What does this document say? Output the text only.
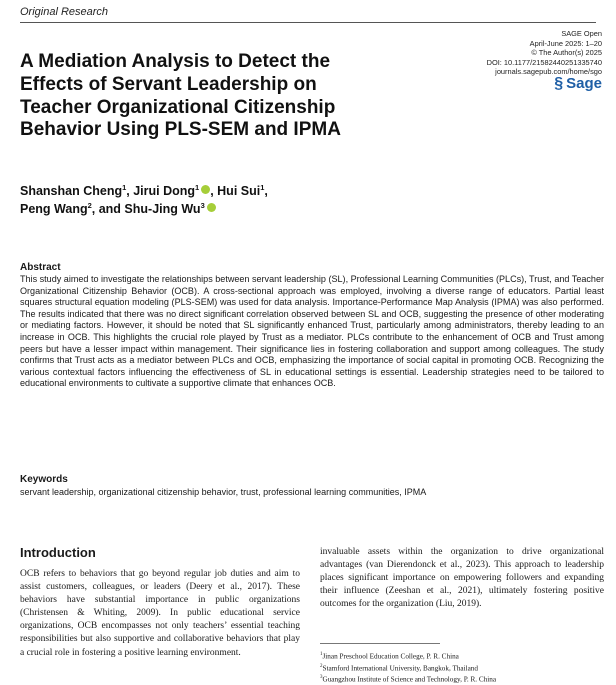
Original Research
SAGE Open
April-June 2025: 1–20
© The Author(s) 2025
DOI: 10.1177/21582440251335740
journals.sagepub.com/home/sgo
§ Sage
A Mediation Analysis to Detect the Effects of Servant Leadership on Teacher Organizational Citizenship Behavior Using PLS-SEM and IPMA
Shanshan Cheng$^1$, Jirui Dong$^1$ , Hui Sui$^1$,
Peng Wang$^2$, and Shu-Jing Wu$^3$

Abstract

This study aimed to investigate the relationships between servant leadership (SL), Professional Learning Communities (PLCs), Trust, and Teacher Organizational Citizenship Behavior (OCB). A cross-sectional approach was employed, involving a diverse range of educators. Partial least squares structural equation modeling (PLS-SEM) was used for data analysis. Importance-Performance Map Analysis (IPMA) was also performed. The results indicated that there was no direct significant correlation observed between SL and OCB, suggesting the presence of other moderating or mediating factors. However, it should be noted that SL significantly enhanced Trust, particularly among administrators, thereby leading to an increase in OCB. This highlights the crucial role played by Trust as a mediator. PLCs contribute to the enhancement of OCB and Trust among peers but have a lesser impact within management. Their significance lies in fostering collaboration and support among colleagues. The study confirms that Trust acts as a mediator between PLCs and OCB, emphasizing the importance of social capital in promoting OCB. Recognizing the various contextual factors influencing the effectiveness of SL in educational settings is essential. Leadership strategies need to be tailored to educational environments to cultivate a supportive climate that enhances OCB.

Keywords

servant leadership, organizational citizenship behavior, trust, professional learning communities, IPMA

Introduction

OCB refers to behaviors that go beyond regular job duties and aim to assist customers, colleagues, or leaders (Deery et al., 2017). These behaviors have substantial importance in public organizations (Christensen & Whiting, 2009). In public educational service organizations, OCB encompasses not only teachers’ essential teaching responsibilities but also supportive and collaborative behaviors that play a crucial role in fostering a positive learning environment.

invaluable assets within the organization to drive organizational advantages (van Dierendonck et al., 2023). This approach to leadership places significant importance on empowering followers and expanding their influence (Zeeshan et al., 2021), ultimately fostering positive outcomes for the organization (Liu, 2019).

$^1$Jinan Preschool Education College, P. R. China
$^2$Stamford International University, Bangkok, Thailand
$^3$Guangzhou Institute of Science and Technology, P. R. China
